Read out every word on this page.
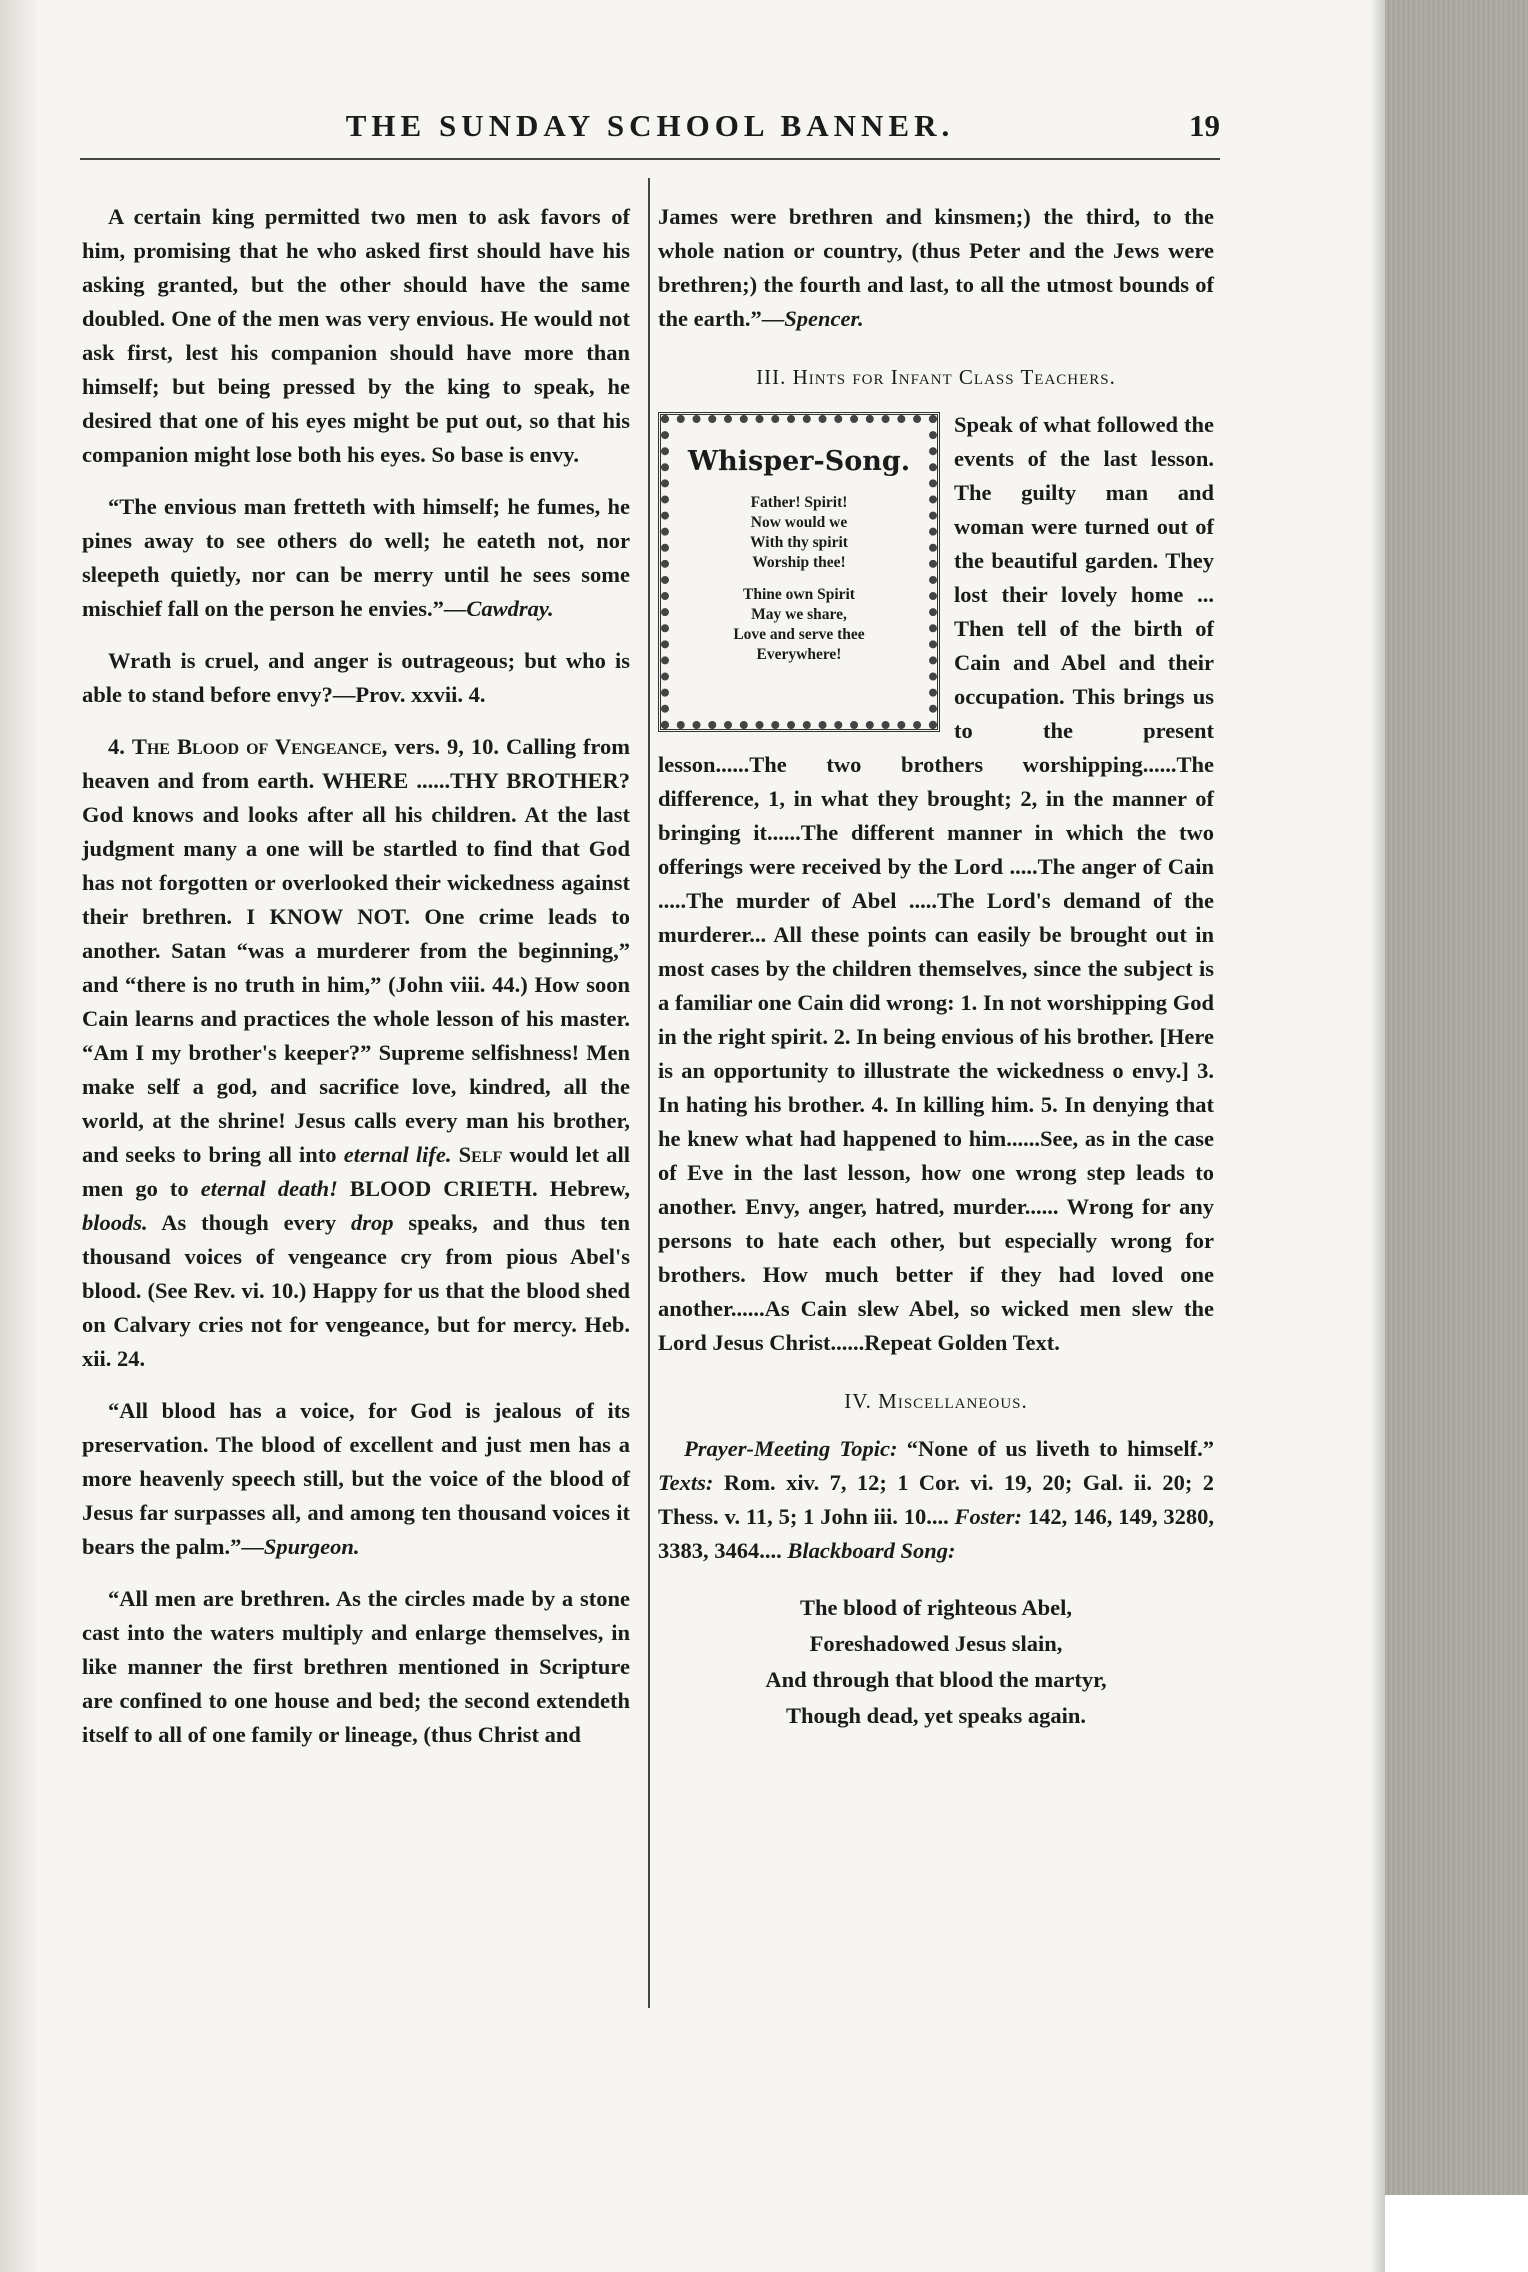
THE SUNDAY SCHOOL BANNER.	19

A certain king permitted two men to ask favors of him, promising that he who asked first should have his asking granted, but the other should have the same doubled. One of the men was very envious. He would not ask first, lest his companion should have more than himself; but being pressed by the king to speak, he desired that one of his eyes might be put out, so that his companion might lose both his eyes. So base is envy.

“The envious man fretteth with himself; he fumes, he pines away to see others do well; he eateth not, nor sleepeth quietly, nor can be merry until he sees some mischief fall on the person he envies.”—Cawdray.

Wrath is cruel, and anger is outrageous; but who is able to stand before envy?—Prov. xxvii. 4.

4. The Blood of Vengeance, vers. 9, 10. Calling from heaven and from earth. WHERE ......THY BROTHER? God knows and looks after all his children. At the last judgment many a one will be startled to find that God has not forgotten or overlooked their wickedness against their brethren. I KNOW NOT. One crime leads to another. Satan “was a murderer from the beginning,” and “there is no truth in him,” (John viii. 44.) How soon Cain learns and practices the whole lesson of his master. “Am I my brother's keeper?” Supreme selfishness! Men make self a god, and sacrifice love, kindred, all the world, at the shrine! Jesus calls every man his brother, and seeks to bring all into eternal life. Self would let all men go to eternal death! BLOOD CRIETH. Hebrew, bloods. As though every drop speaks, and thus ten thousand voices of vengeance cry from pious Abel's blood. (See Rev. vi. 10.) Happy for us that the blood shed on Calvary cries not for vengeance, but for mercy. Heb. xii. 24.

“All blood has a voice, for God is jealous of its preservation. The blood of excellent and just men has a more heavenly speech still, but the voice of the blood of Jesus far surpasses all, and among ten thousand voices it bears the palm.”—Spurgeon.

“All men are brethren. As the circles made by a stone cast into the waters multiply and enlarge themselves, in like manner the first brethren mentioned in Scripture are confined to one house and bed; the second extendeth itself to all of one family or lineage, (thus Christ and

James were brethren and kinsmen;) the third, to the whole nation or country, (thus Peter and the Jews were brethren;) the fourth and last, to all the utmost bounds of the earth.”—Spencer.

III. Hints for Infant Class Teachers.
Whisper-Song.
Father! Spirit!
Now would we
With thy spirit
Worship thee!
Thine own Spirit
May we share,
Love and serve thee
Everywhere!

Speak of what followed the events of the last lesson. The guilty man and woman were turned out of the beautiful garden. They lost their lovely home ... Then tell of the birth of Cain and Abel and their occupation. This brings us to the present lesson......The two brothers worshipping......The difference, 1, in what they brought; 2, in the manner of bringing it......The different manner in which the two offerings were received by the Lord .....The anger of Cain .....The murder of Abel .....The Lord's demand of the murderer... All these points can easily be brought out in most cases by the children themselves, since the subject is a familiar one Cain did wrong: 1. In not worshipping God in the right spirit. 2. In being envious of his brother. [Here is an opportunity to illustrate the wickedness o envy.] 3. In hating his brother. 4. In killing him. 5. In denying that he knew what had happened to him......See, as in the case of Eve in the last lesson, how one wrong step leads to another. Envy, anger, hatred, murder...... Wrong for any persons to hate each other, but especially wrong for brothers. How much better if they had loved one another......As Cain slew Abel, so wicked men slew the Lord Jesus Christ......Repeat Golden Text.

IV. Miscellaneous.

Prayer-Meeting Topic: “None of us liveth to himself.” Texts: Rom. xiv. 7, 12; 1 Cor. vi. 19, 20; Gal. ii. 20; 2 Thess. v. 11, 5; 1 John iii. 10.... Foster: 142, 146, 149, 3280, 3383, 3464.... Blackboard Song:

The blood of righteous Abel,
Foreshadowed Jesus slain,
And through that blood the martyr,
Though dead, yet speaks again.
